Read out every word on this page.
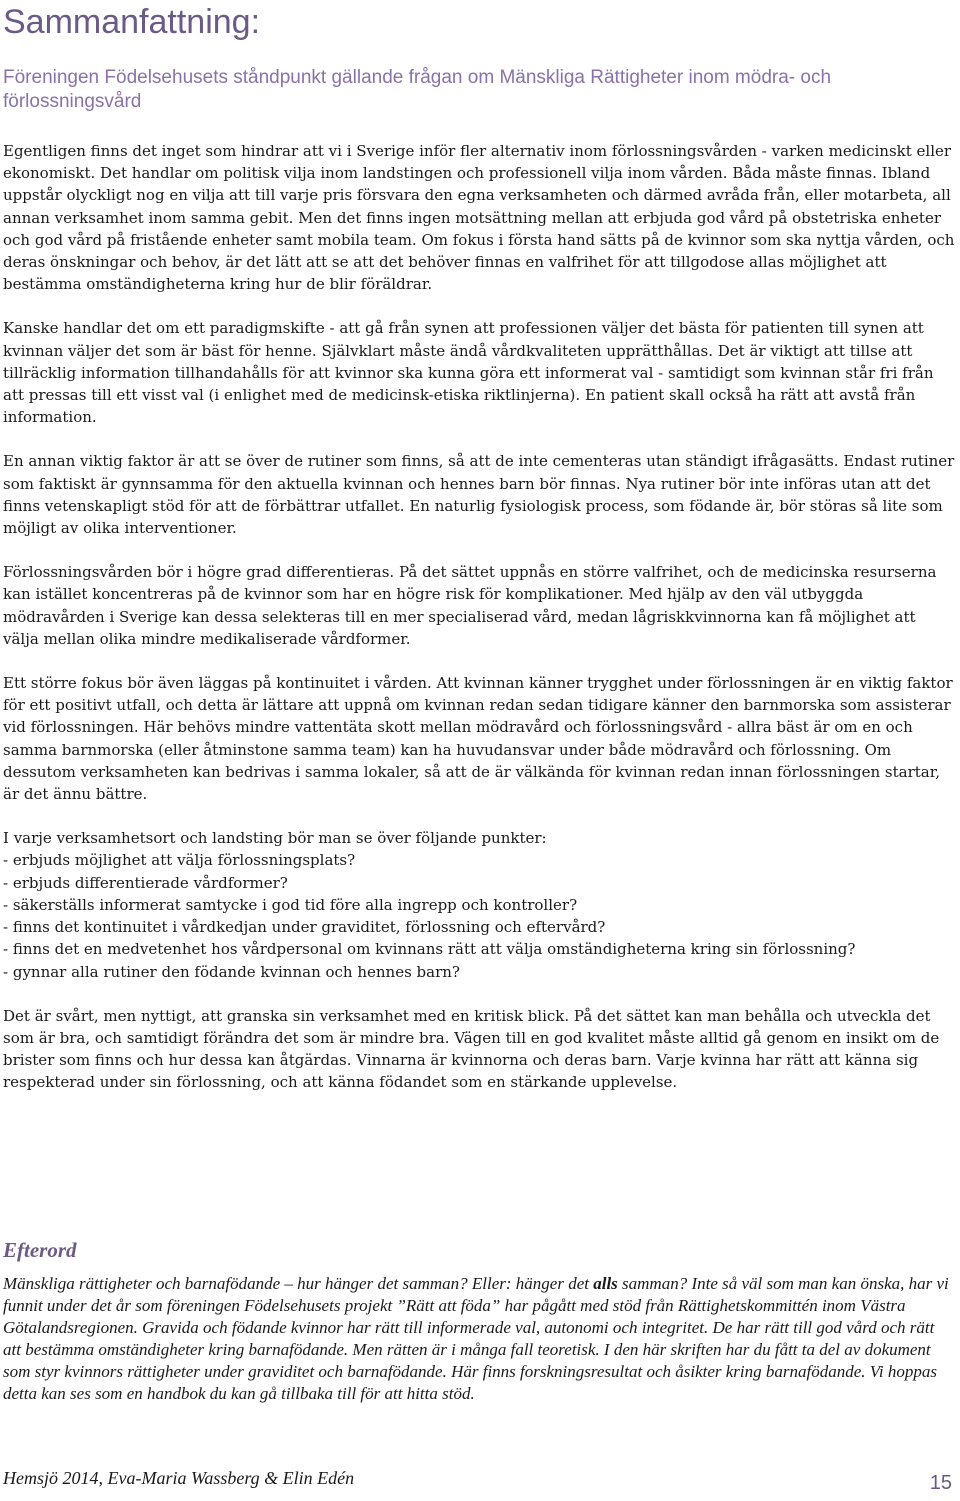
Sammanfattning:

Föreningen Födelsehusets ståndpunkt gällande frågan om Mänskliga Rättigheter inom mödra- och förlossningsvård

Egentligen finns det inget som hindrar att vi i Sverige inför fler alternativ inom förlossningsvården - varken medicinskt eller ekonomiskt. Det handlar om politisk vilja inom landstingen och professionell vilja inom vården. Båda måste finnas. Ibland uppstår olyckligt nog en vilja att till varje pris försvara den egna verksamheten och därmed avråda från, eller motarbeta, all annan verksamhet inom samma gebit. Men det finns ingen motsättning mellan att erbjuda god vård på obstetriska enheter och god vård på fristående enheter samt mobila team. Om fokus i första hand sätts på de kvinnor som ska nyttja vården, och deras önskningar och behov, är det lätt att se att det behöver finnas en valfrihet för att tillgodose allas möjlighet att bestämma omständigheterna kring hur de blir föräldrar.

Kanske handlar det om ett paradigmskifte - att gå från synen att professionen väljer det bästa för patienten till synen att kvinnan väljer det som är bäst för henne. Självklart måste ändå vårdkvaliteten upprätthållas. Det är viktigt att tillse att tillräcklig information tillhandahålls för att kvinnor ska kunna göra ett informerat val - samtidigt som kvinnan står fri från att pressas till ett visst val (i enlighet med de medicinsk-etiska riktlinjerna). En patient skall också ha rätt att avstå från information.

En annan viktig faktor är att se över de rutiner som finns, så att de inte cementeras utan ständigt ifrågasätts. Endast rutiner som faktiskt är gynnsamma för den aktuella kvinnan och hennes barn bör finnas. Nya rutiner bör inte införas utan att det finns vetenskapligt stöd för att de förbättrar utfallet. En naturlig fysiologisk process, som födande är, bör störas så lite som möjligt av olika interventioner.

Förlossningsvården bör i högre grad differentieras. På det sättet uppnås en större valfrihet, och de medicinska resurserna kan istället koncentreras på de kvinnor som har en högre risk för komplikationer. Med hjälp av den väl utbyggda mödravården i Sverige kan dessa selekteras till en mer specialiserad vård, medan lågriskkvinnorna kan få möjlighet att välja mellan olika mindre medikaliserade vårdformer.

Ett större fokus bör även läggas på kontinuitet i vården. Att kvinnan känner trygghet under förlossningen är en viktig faktor för ett positivt utfall, och detta är lättare att uppnå om kvinnan redan sedan tidigare känner den barnmorska som assisterar vid förlossningen. Här behövs mindre vattentäta skott mellan mödravård och förlossningsvård - allra bäst är om en och samma barnmorska (eller åtminstone samma team) kan ha huvudansvar under både mödravård och förlossning. Om dessutom verksamheten kan bedrivas i samma lokaler, så att de är välkända för kvinnan redan innan förlossningen startar, är det ännu bättre.

I varje verksamhetsort och landsting bör man se över följande punkter:

- erbjuds möjlighet att välja förlossningsplats?
- erbjuds differentierade vårdformer?
- säkerställs informerat samtycke i god tid före alla ingrepp och kontroller?
- finns det kontinuitet i vårdkedjan under graviditet, förlossning och eftervård?
- finns det en medvetenhet hos vårdpersonal om kvinnans rätt att välja omständigheterna kring sin förlossning?
- gynnar alla rutiner den födande kvinnan och hennes barn?

Det är svårt, men nyttigt, att granska sin verksamhet med en kritisk blick. På det sättet kan man behålla och utveckla det som är bra, och samtidigt förändra det som är mindre bra. Vägen till en god kvalitet måste alltid gå genom en insikt om de brister som finns och hur dessa kan åtgärdas. Vinnarna är kvinnorna och deras barn. Varje kvinna har rätt att känna sig respekterad under sin förlossning, och att känna födandet som en stärkande upplevelse.

Efterord

Mänskliga rättigheter och barnafödande – hur hänger det samman? Eller: hänger det alls samman? Inte så väl som man kan önska, har vi funnit under det år som föreningen Födelsehusets projekt ”Rätt att föda” har pågått med stöd från Rättighetskommittén inom Västra Götalandsregionen. Gravida och födande kvinnor har rätt till informerade val, autonomi och integritet. De har rätt till god vård och rätt att bestämma omständigheter kring barnafödande. Men rätten är i många fall teoretisk. I den här skriften har du fått ta del av dokument som styr kvinnors rättigheter under graviditet och barnafödande. Här finns forskningsresultat och åsikter kring barnafödande. Vi hoppas detta kan ses som en handbok du kan gå tillbaka till för att hitta stöd.

Hemsjö 2014, Eva-Maria Wassberg & Elin Edén	15
